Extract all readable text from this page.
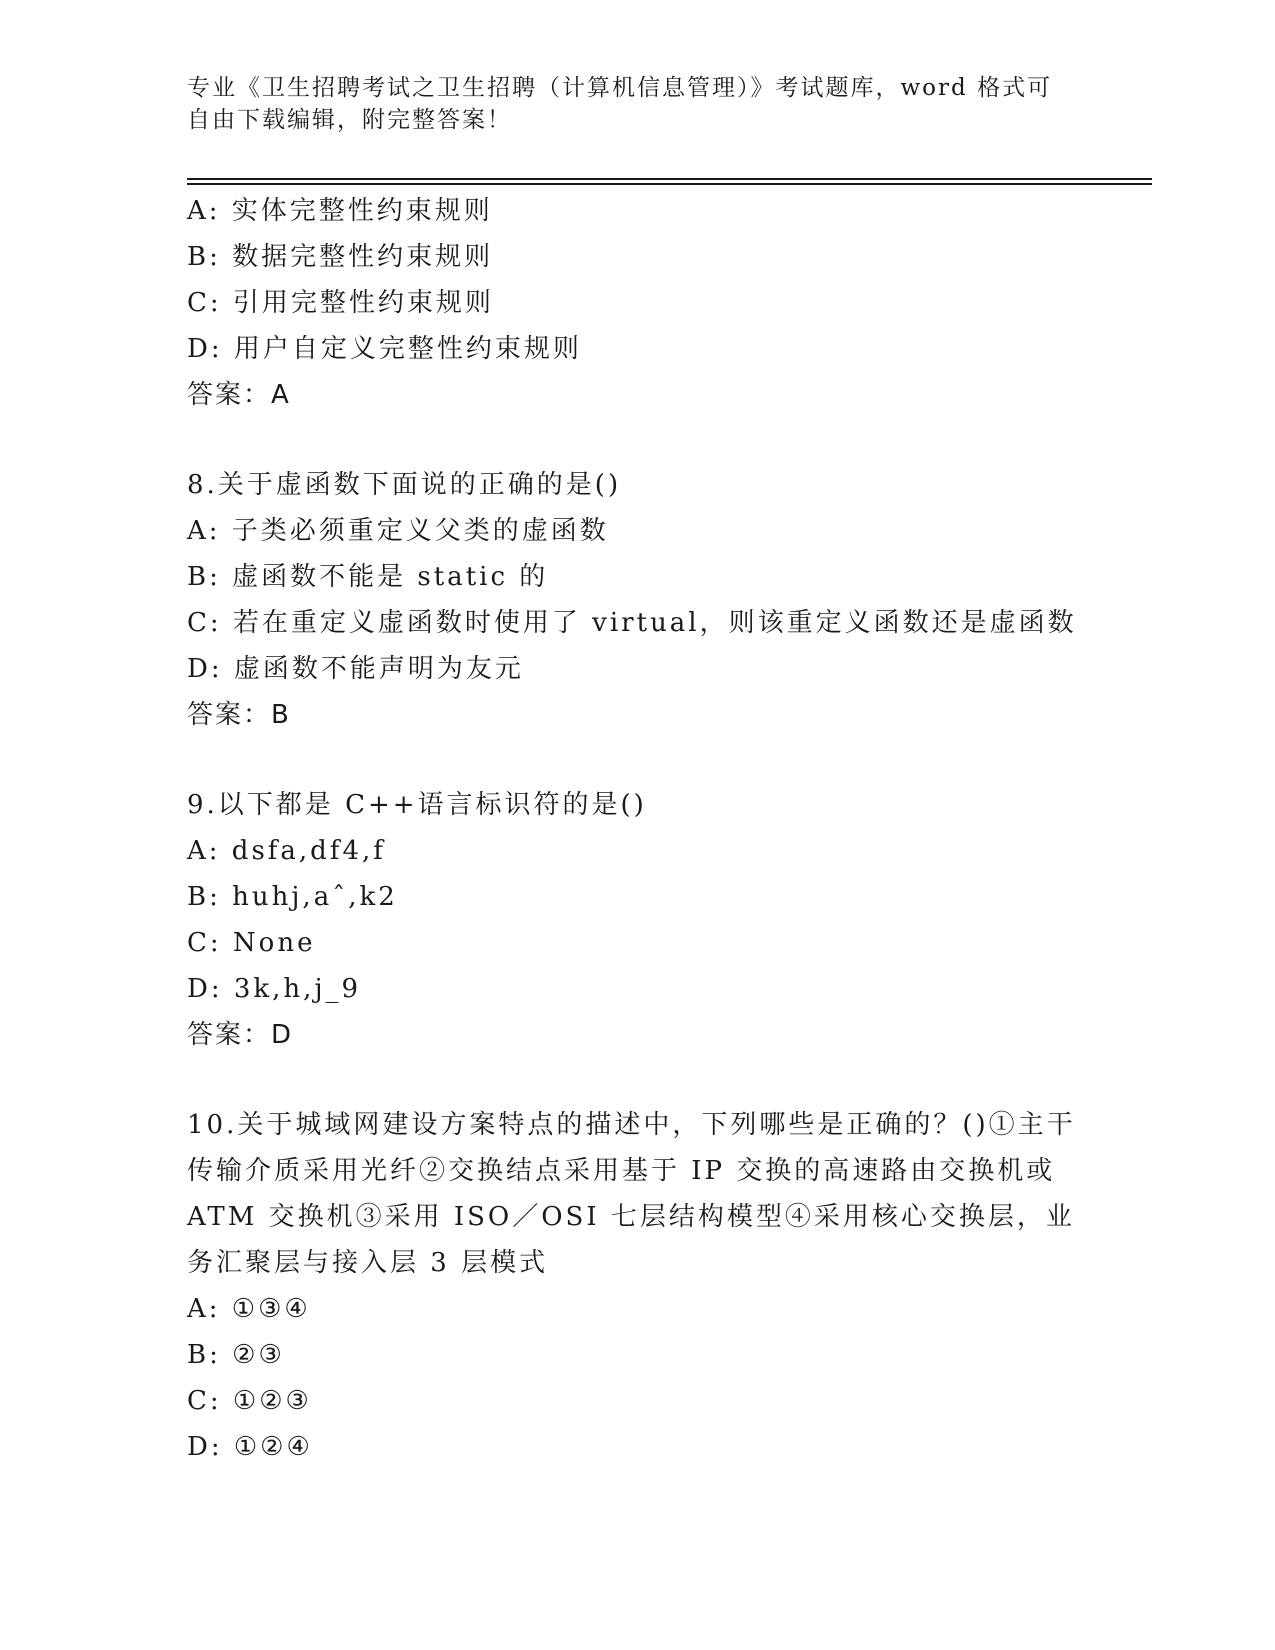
专业《卫生招聘考试之卫生招聘（计算机信息管理）》考试题库，word 格式可自由下载编辑，附完整答案！
A: 实体完整性约束规则
B: 数据完整性约束规则
C: 引用完整性约束规则
D: 用户自定义完整性约束规则
答案：A
8.关于虚函数下面说的正确的是()
A: 子类必须重定义父类的虚函数
B: 虚函数不能是 static 的
C: 若在重定义虚函数时使用了 virtual，则该重定义函数还是虚函数
D: 虚函数不能声明为友元
答案：B
9.以下都是 C++语言标识符的是()
A: dsfa,df4,f
B: huhj,aˆ,k2
C: None
D: 3k,h,j_9
答案：D
10.关于城域网建设方案特点的描述中，下列哪些是正确的？()①主干传输介质采用光纤②交换结点采用基于 IP 交换的高速路由交换机或 ATM 交换机③采用 ISO／OSI 七层结构模型④采用核心交换层，业务汇聚层与接入层 3 层模式
A: ①③④
B: ②③
C: ①②③
D: ①②④
